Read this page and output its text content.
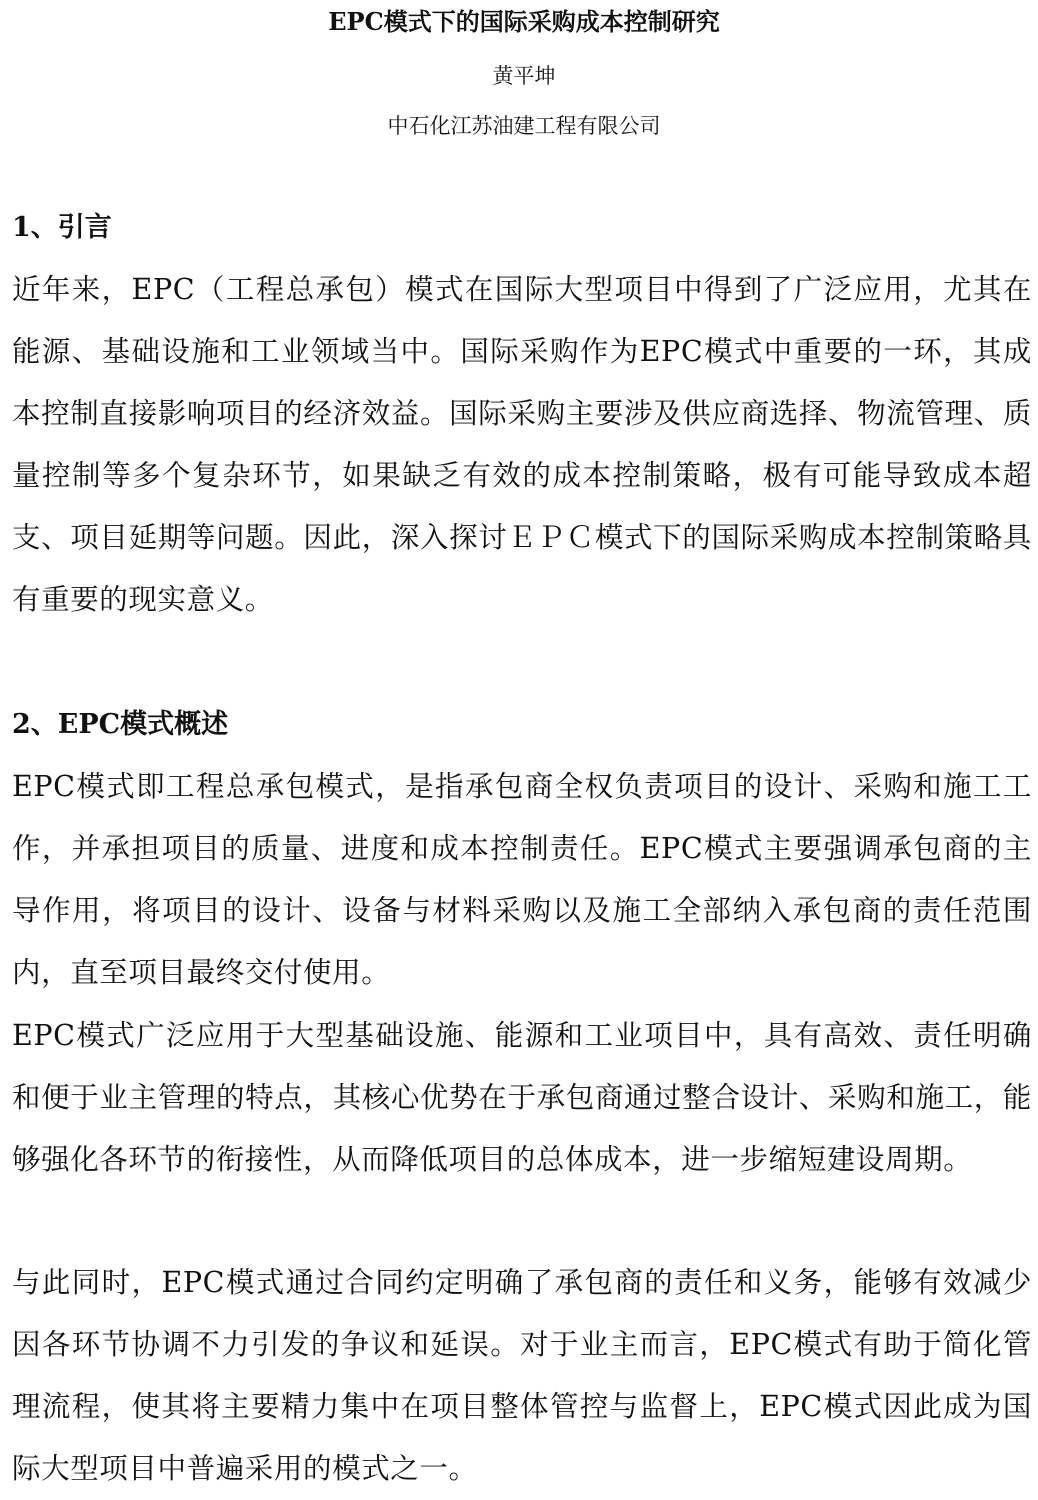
EPC模式下的国际采购成本控制研究

黄平坤

中石化江苏油建工程有限公司

1、引言

近年来，EPC（工程总承包）模式在国际大型项目中得到了广泛应用，尤其在能源、基础设施和工业领域当中。国际采购作为EPC模式中重要的一环，其成本控制直接影响项目的经济效益。国际采购主要涉及供应商选择、物流管理、质量控制等多个复杂环节，如果缺乏有效的成本控制策略，极有可能导致成本超支、项目延期等问题。因此，深入探讨ＥＰＣ模式下的国际采购成本控制策略具有重要的现实意义。

2、EPC模式概述

EPC模式即工程总承包模式，是指承包商全权负责项目的设计、采购和施工工作，并承担项目的质量、进度和成本控制责任。EPC模式主要强调承包商的主导作用，将项目的设计、设备与材料采购以及施工全部纳入承包商的责任范围内，直至项目最终交付使用。

EPC模式广泛应用于大型基础设施、能源和工业项目中，具有高效、责任明确和便于业主管理的特点，其核心优势在于承包商通过整合设计、采购和施工，能够强化各环节的衔接性，从而降低项目的总体成本，进一步缩短建设周期。

与此同时，EPC模式通过合同约定明确了承包商的责任和义务，能够有效减少因各环节协调不力引发的争议和延误。对于业主而言，EPC模式有助于简化管理流程，使其将主要精力集中在项目整体管控与监督上，EPC模式因此成为国际大型项目中普遍采用的模式之一。
